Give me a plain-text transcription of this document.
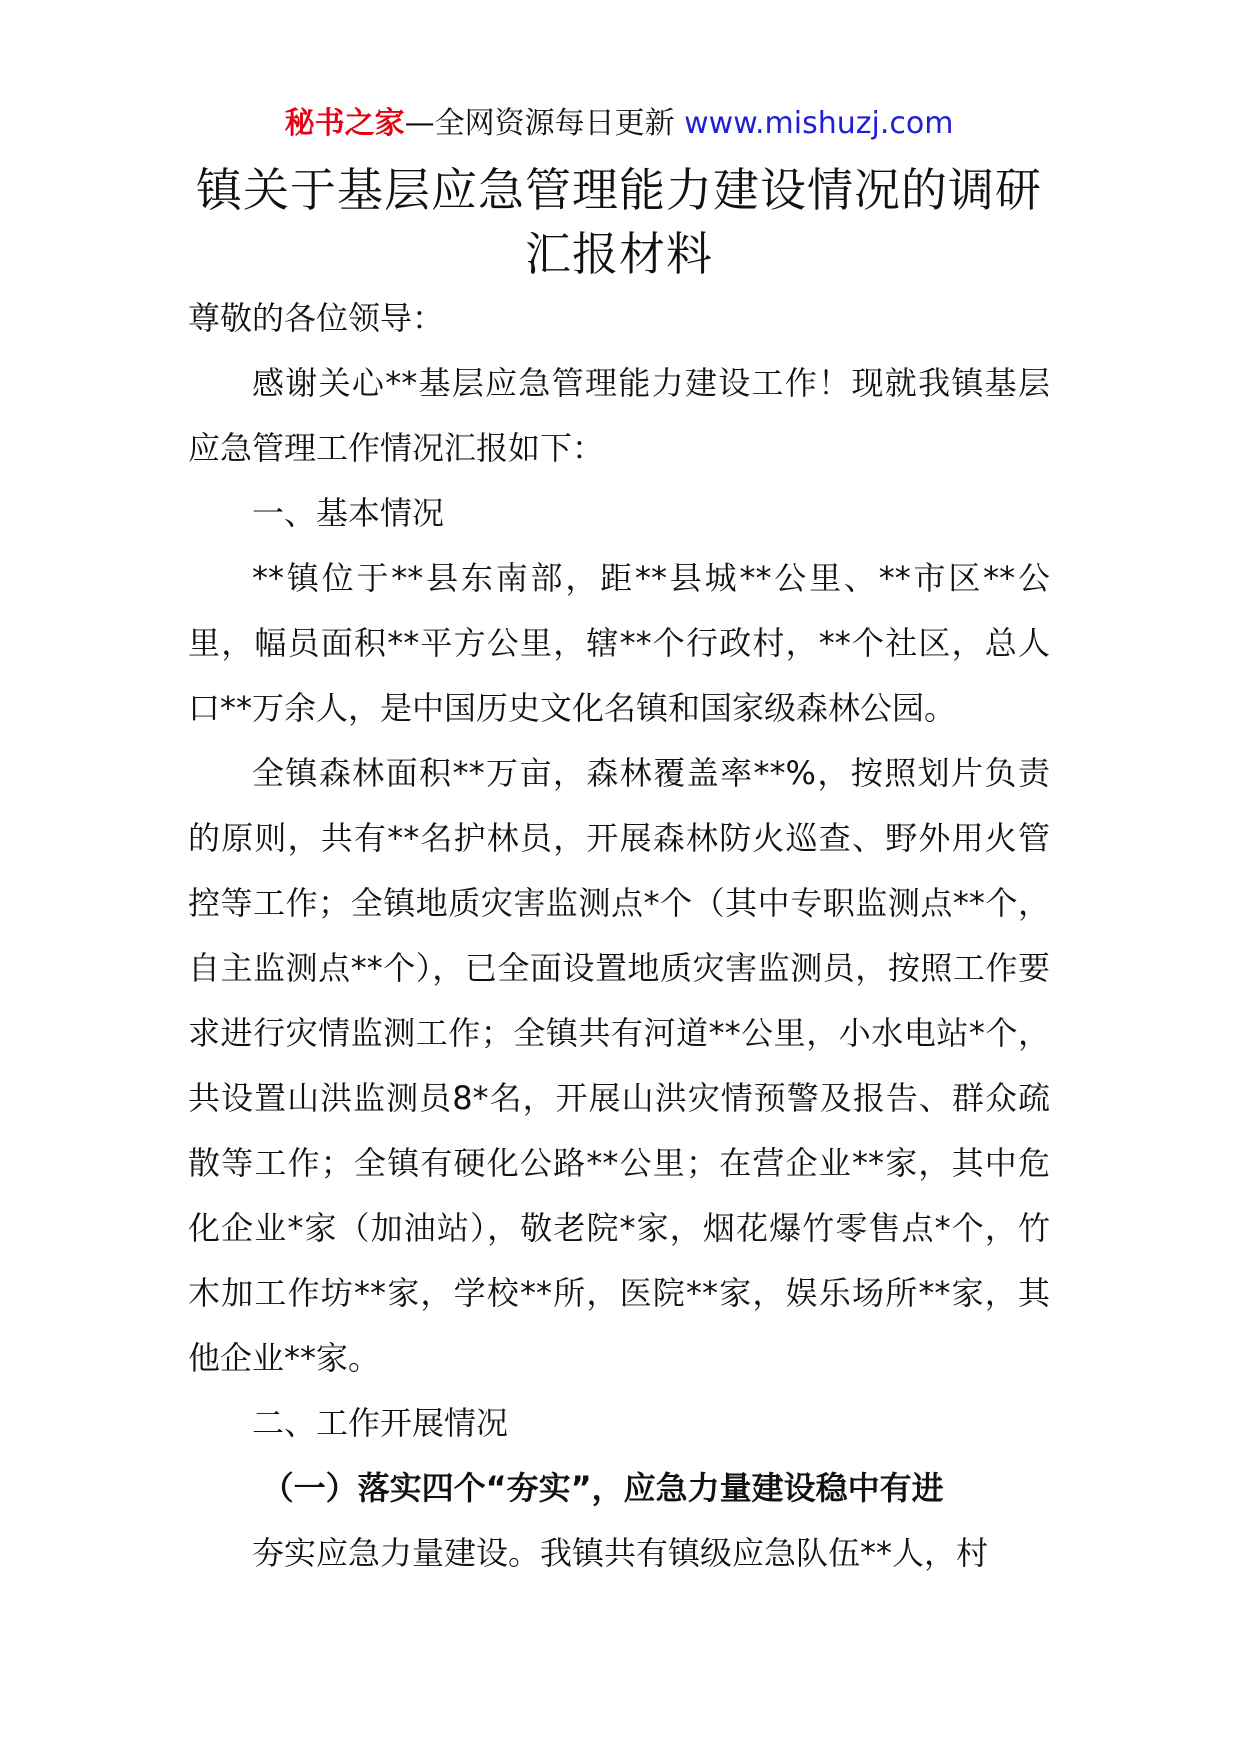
秘书之家—全网资源每日更新 www.mishuzj.com
镇关于基层应急管理能力建设情况的调研
汇报材料

尊敬的各位领导：

感谢关心**基层应急管理能力建设工作！现就我镇基层应急管理工作情况汇报如下：

一、基本情况

**镇位于**县东南部，距**县城**公里、**市区**公里，幅员面积**平方公里，辖**个行政村，**个社区，总人口**万余人，是中国历史文化名镇和国家级森林公园。

全镇森林面积**万亩，森林覆盖率**%，按照划片负责的原则，共有**名护林员，开展森林防火巡查、野外用火管控等工作；全镇地质灾害监测点*个（其中专职监测点**个，自主监测点**个），已全面设置地质灾害监测员，按照工作要求进行灾情监测工作；全镇共有河道**公里，小水电站*个，共设置山洪监测员8*名，开展山洪灾情预警及报告、群众疏散等工作；全镇有硬化公路**公里；在营企业**家，其中危化企业*家（加油站），敬老院*家，烟花爆竹零售点*个，竹木加工作坊**家，学校**所，医院**家，娱乐场所**家，其他企业**家。

二、工作开展情况

（一）落实四个“夯实”，应急力量建设稳中有进

夯实应急力量建设。我镇共有镇级应急队伍**人，村
